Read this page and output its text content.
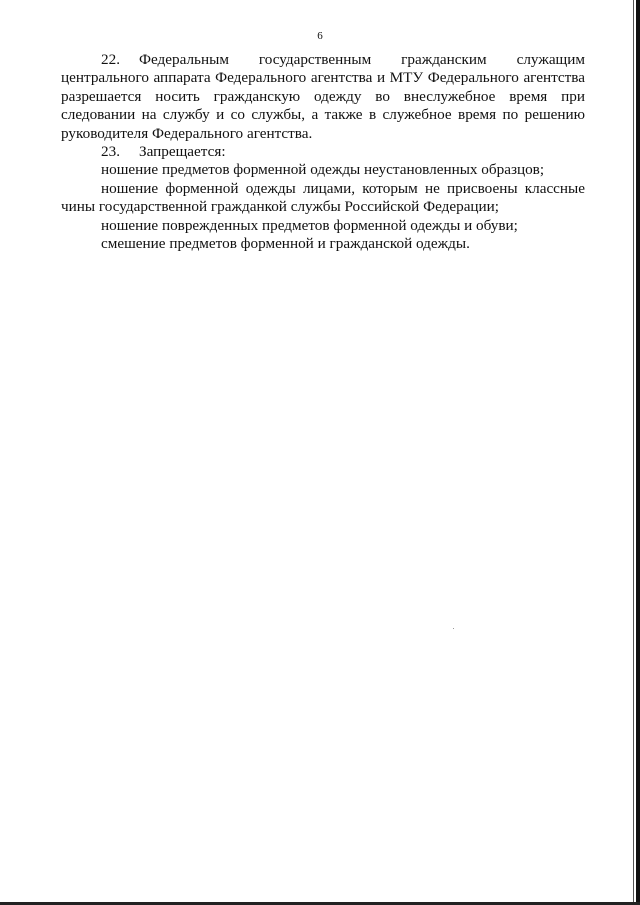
6

22. Федеральным государственным гражданским служащим центрального аппарата Федерального агентства и МТУ Федерального агентства разрешается носить гражданскую одежду во внеслужебное время при следовании на службу и со службы, а также в служебное время по решению руководителя Федерального агентства.

23. Запрещается:

ношение предметов форменной одежды неустановленных образцов;

ношение форменной одежды лицами, которым не присвоены классные чины государственной гражданкой службы Российской Федерации;

ношение поврежденных предметов форменной одежды и обуви;

смешение предметов форменной и гражданской одежды.
